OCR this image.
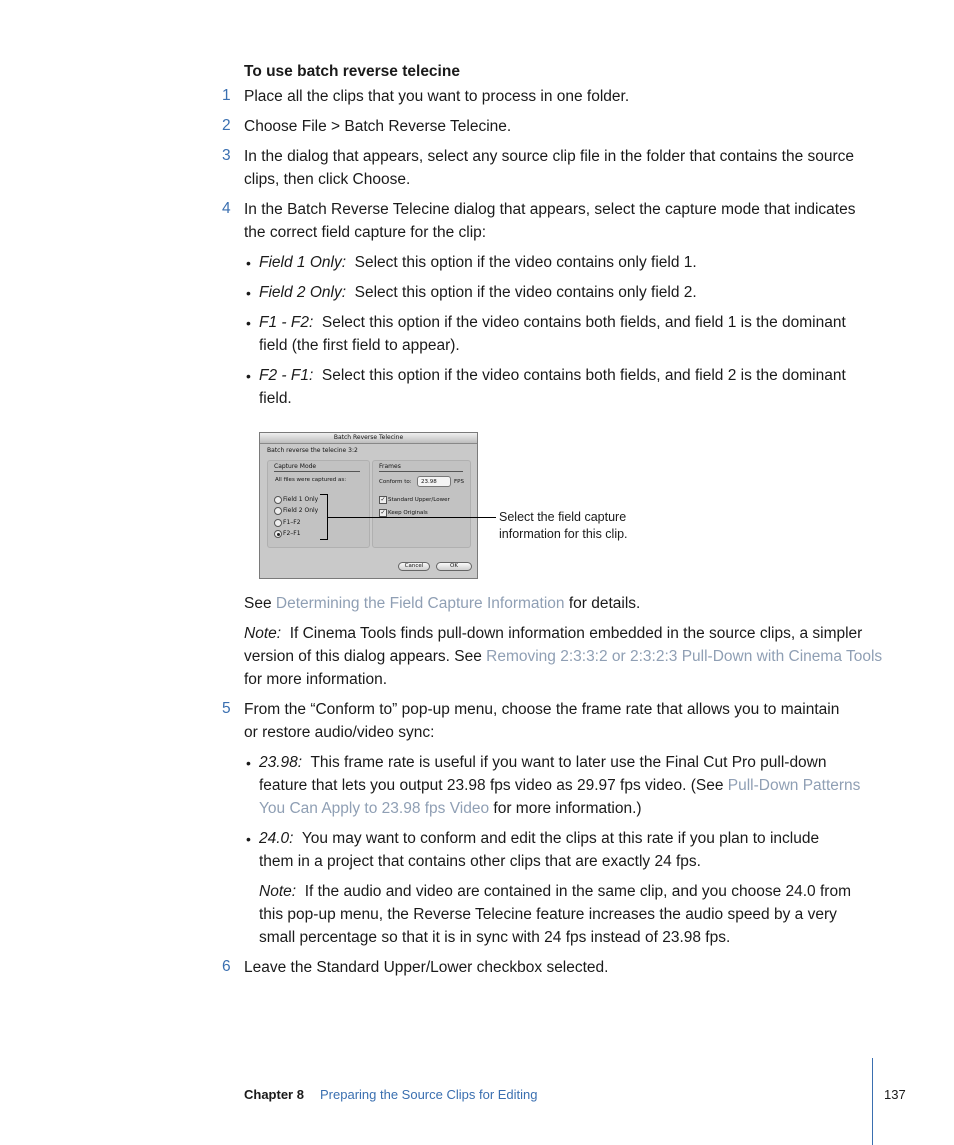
To use batch reverse telecine
1 Place all the clips that you want to process in one folder.
2 Choose File > Batch Reverse Telecine.
3 In the dialog that appears, select any source clip file in the folder that contains the source
clips, then click Choose.
4 In the Batch Reverse Telecine dialog that appears, select the capture mode that indicates
the correct field capture for the clip:
• Field 1 Only: Select this option if the video contains only field 1.
• Field 2 Only: Select this option if the video contains only field 2.
• F1 - F2: Select this option if the video contains both fields, and field 1 is the dominant
field (the first field to appear).
• F2 - F1: Select this option if the video contains both fields, and field 2 is the dominant
field.
Batch Reverse Telecine
Batch reverse the telecine 3:2
Capture Mode
All files were captured as:
Field 1 Only
Field 2 Only
F1–F2
F2–F1
Frames
Conform to: 23.98	FPS
✓ Standard Upper/Lower
✓ Keep Originals
Cancel	OK
Select the field capture
information for this clip.
See Determining the Field Capture Information for details.
Note: If Cinema Tools finds pull-down information embedded in the source clips, a simpler
version of this dialog appears. See Removing 2:3:3:2 or 2:3:2:3 Pull-Down with Cinema Tools
for more information.
5 From the “Conform to” pop-up menu, choose the frame rate that allows you to maintain
or restore audio/video sync:
• 23.98: This frame rate is useful if you want to later use the Final Cut Pro pull-down
feature that lets you output 23.98 fps video as 29.97 fps video. (See Pull-Down Patterns
You Can Apply to 23.98 fps Video for more information.)
• 24.0: You may want to conform and edit the clips at this rate if you plan to include
them in a project that contains other clips that are exactly 24 fps.
Note: If the audio and video are contained in the same clip, and you choose 24.0 from
this pop-up menu, the Reverse Telecine feature increases the audio speed by a very
small percentage so that it is in sync with 24 fps instead of 23.98 fps.
6 Leave the Standard Upper/Lower checkbox selected.
Chapter 8 Preparing the Source Clips for Editing	137
